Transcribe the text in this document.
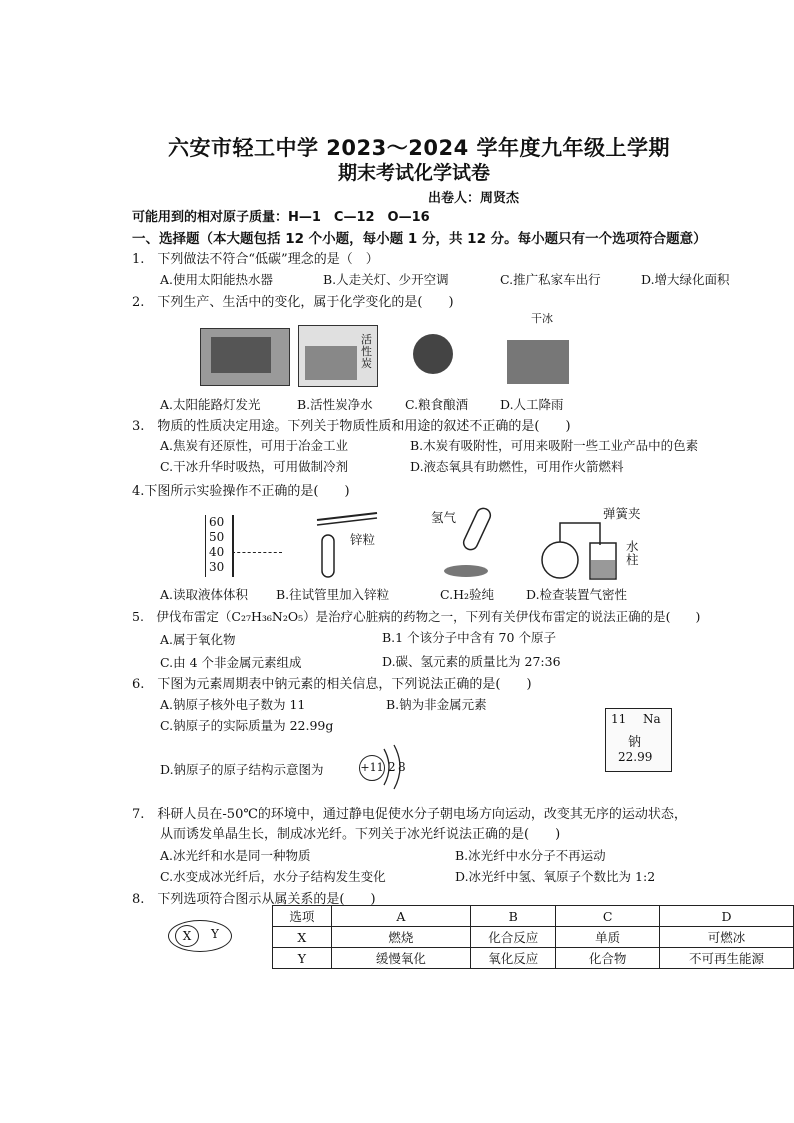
六安市轻工中学 2023～2024 学年度九年级上学期
期末考试化学试卷
出卷人：周贤杰
可能用到的相对原子质量：H—1　C—12　O—16
一、选择题（本大题包括 12 个小题，每小题 1 分，共 12 分。每小题只有一个选项符合题意）
1.　下列做法不符合“低碳”理念的是（　）
A.使用太阳能热水器	B.人走关灯、少开空调	C.推广私家车出行	D.增大绿化面积
2.　下列生产、生活中的变化，属于化学变化的是(　　)
活性炭
干冰
A.太阳能路灯发光	B.活性炭净水	C.粮食酿酒	D.人工降雨
3.　物质的性质决定用途。下列关于物质性质和用途的叙述不正确的是(　　)
A.焦炭有还原性，可用于冶金工业	B.木炭有吸附性，可用来吸附一些工业产品中的色素
C.干冰升华时吸热，可用做制冷剂	D.液态氧具有助燃性，可用作火箭燃料
4.下图所示实验操作不正确的是(　　)
60
50
40
30
锌粒
氢气	弹簧夹
水柱
A.读取液体体积 B.往试管里加入锌粒	C.H₂验纯	D.检查装置气密性
5.　伊伐布雷定（C₂₇H₃₆N₂O₅）是治疗心脏病的药物之一，下列有关伊伐布雷定的说法正确的是(　　)
A.属于氧化物	B.1 个该分子中含有 70 个原子
C.由 4 个非金属元素组成	D.碳、氢元素的质量比为 27:36
6.　下图为元素周期表中钠元素的相关信息，下列说法正确的是(　　)
A.钠原子核外电子数为 11	B.钠为非金属元素
C.钠原子的实际质量为 22.99g
D.钠原子的原子结构示意图为	+11 2 8
11 Na
钠
22.99
7.　科研人员在-50℃的环境中，通过静电促使水分子朝电场方向运动，改变其无序的运动状态，
从而诱发单晶生长，制成冰光纤。下列关于冰光纤说法正确的是(　　)
A.冰光纤和水是同一种物质	B.冰光纤中水分子不再运动
C.水变成冰光纤后，水分子结构发生变化	D.冰光纤中氢、氧原子个数比为 1:2
8.　下列选项符合图示从属关系的是(　　)
X	Y
选项	A	B	C	D
X	燃烧	化合反应	单质	可燃冰
Y	缓慢氧化	氧化反应	化合物	不可再生能源
